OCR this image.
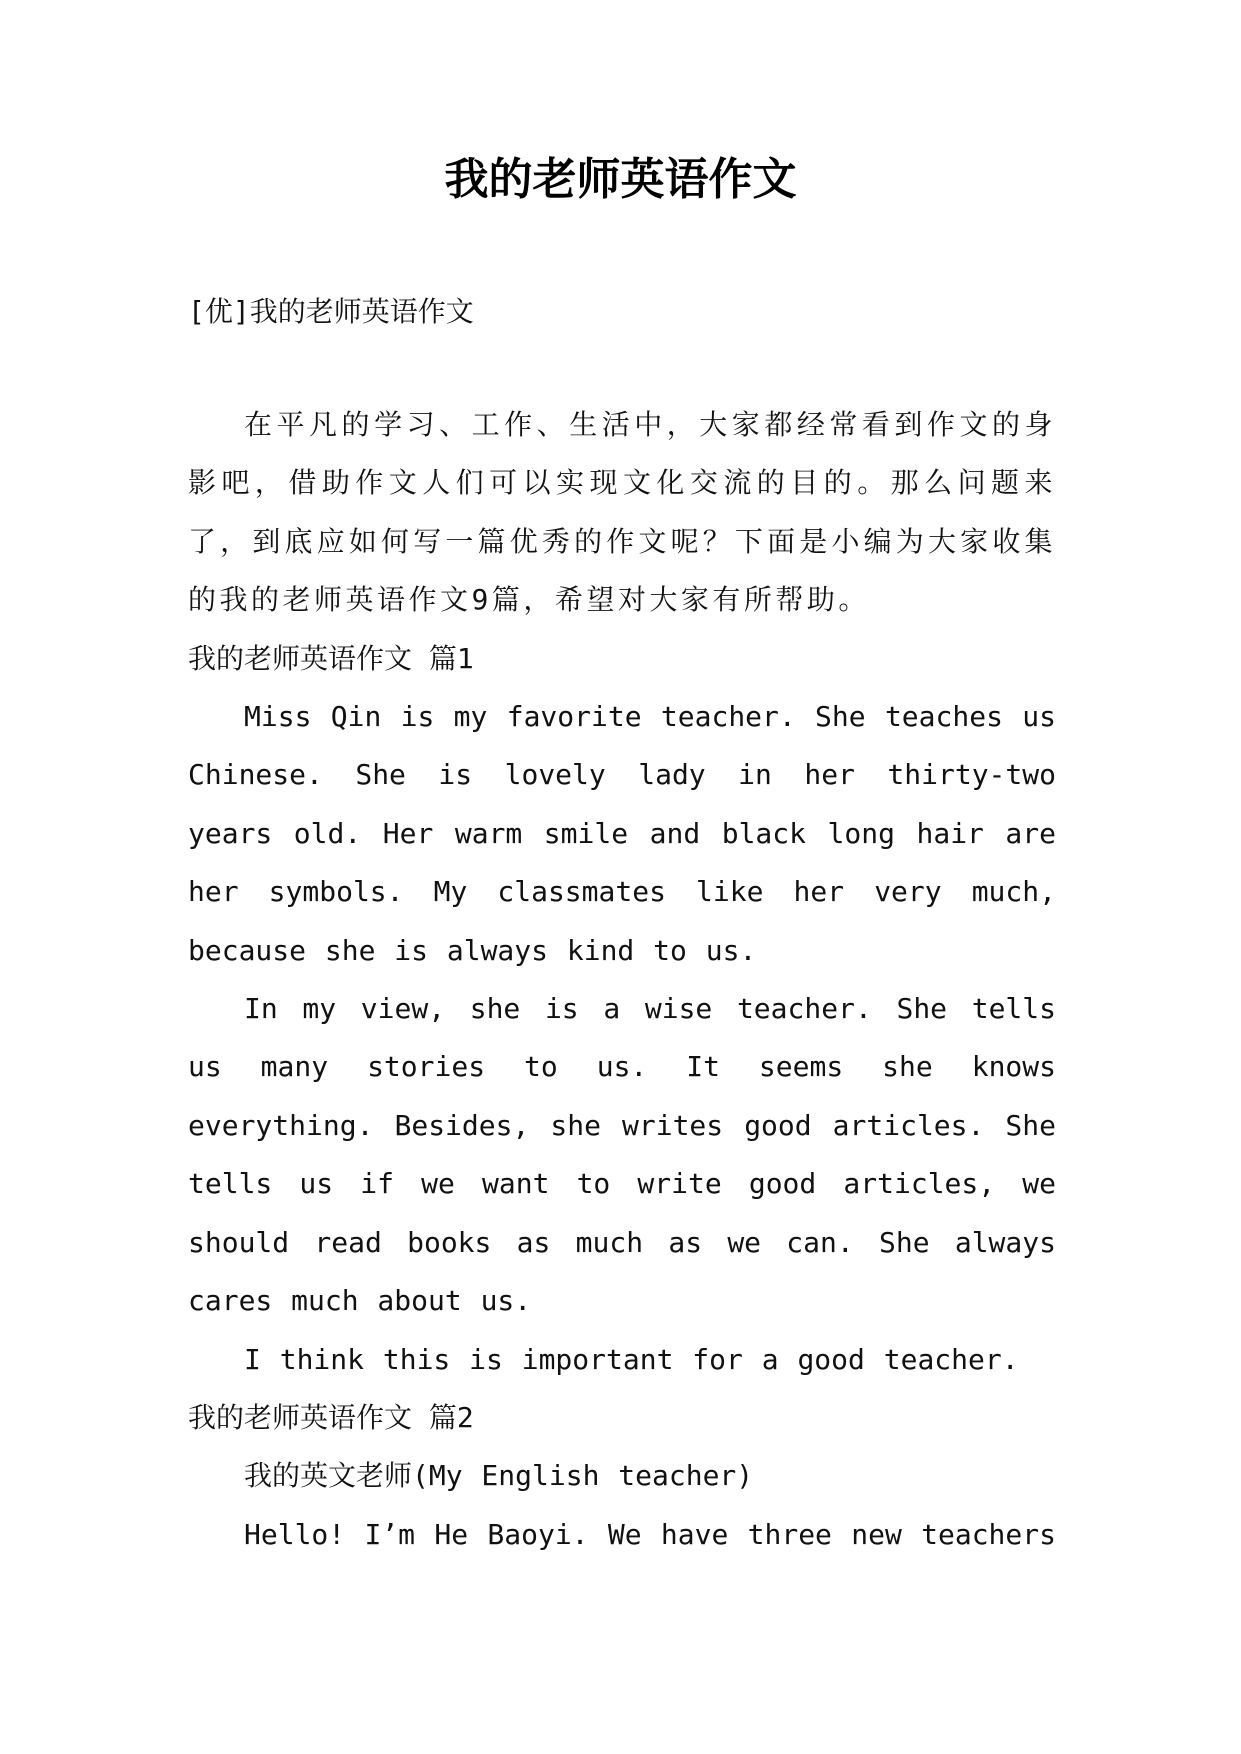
我的老师英语作文

[优]我的老师英语作文

在平凡的学习、工作、生活中，大家都经常看到作文的身影吧，借助作文人们可以实现文化交流的目的。那么问题来了，到底应如何写一篇优秀的作文呢？下面是小编为大家收集的我的老师英语作文9篇，希望对大家有所帮助。

我的老师英语作文 篇1

Miss Qin is my favorite teacher. She teaches us Chinese. She is lovely lady in her thirty-two years old. Her warm smile and black long hair are her symbols. My classmates like her very much, because she is always kind to us.

In my view, she is a wise teacher. She tells us many stories to us. It seems she knows everything. Besides, she writes good articles. She tells us if we want to write good articles, we should read books as much as we can. She always cares much about us.

I think this is important for a good teacher.

我的老师英语作文 篇2

我的英文老师(My English teacher)

Hello! I’m He Baoyi. We have three new teachers
